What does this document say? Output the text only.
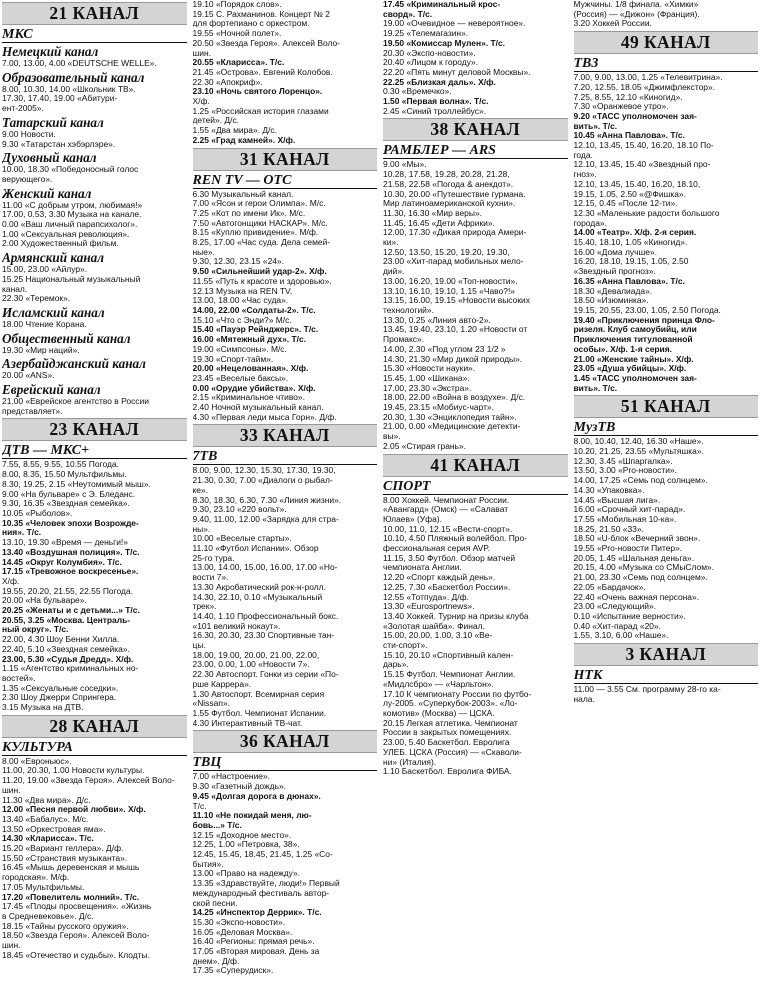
21 КАНАЛ
МКС
Немецкий канал
7.00, 13.00, 4.00 «DEUTSCHE WELLE».
Образовательный канал
8.00, 10.30, 14.00 «Школьник ТВ».
17.30, 17.40, 19.00 «Абитури-
ент-2005».
Татарский канал
9.00 Новости.
9.30 «Татарстан хэбэрлэре».
Духовный канал
10.00, 18.30 «Победоносный голос
верующего».
Женский канал
11.00 «С добрым утром, любимая!»
17.00, 0.53, 3.30 Музыка на канале.
0.00 «Ваш личный парапсихолог».
1.00 «Сексуальная революция».
2.00 Художественный фильм.
Армянский канал
15.00, 23.00 «Айлур».
15.25 Национальный музыкальный
канал.
22.30 «Теремок».
Исламский канал
18.00 Чтение Корана.
Общественный канал
19.30 «Мир наций».
Азербайджанский канал
20.00 «ANS».
Еврейский канал
21.00 «Еврейское агентство в России
представляет».
23 КАНАЛ
ДТВ — МКС+
7.55, 8.55, 9.55, 10.55 Погода.
8.00, 8.35, 15.50 Мультфильмы.
8.30, 19.25, 2.15 «Неутомимый мыш».
9.00 «На бульваре» с Э. Бледанс.
9.30, 16.35 «Звездная семейка».
10.05 «Рыболов».
10.35 «Человек эпохи Возрожде-
ния». Т/с.
13.10, 19.30 «Время — деньги!»
13.40 «Воздушная полиция». Т/с.
14.45 «Округ Колумбия». Т/с.
17.15 «Тревожное воскресенье».
Х/ф.
19.55, 20.20, 21.55, 22.55 Погода.
20.00 «На бульваре».
20.25 «Женаты и с детьми...» Т/с.
20.55, 3.25 «Москва. Централь-
ный округ». Т/с.
22.00, 4.30 Шоу Бенни Хилла.
22.40, 5.10 «Звездная семейка».
23.00, 5.30 «Судья Дредд». Х/ф.
1.15 «Агентство криминальных но-
востей».
1.35 «Сексуальные соседки».
2.30 Шоу Джерри Спрингера.
3.15 Музыка на ДТВ.
28 КАНАЛ
КУЛЬТУРА
8.00 «Евроньюс».
11.00, 20.30, 1.00 Новости культуры.
11.20, 19.00 «Звезда Героя». Алексей Воло-
шин.
11.30 «Два мира». Д/с.
12.00 «Песня первой любви». Х/ф.
13.40 «Бабалус». М/с.
13.50 «Оркестровая яма».
14.30 «Кларисса». Т/с.
15.20 «Вариант геллера». Д/ф.
15.50 «Странствия музыканта».
16.45 «Мышь деревенская и мышь
городская». М/ф.
17.05 Мультфильмы.
17.20 «Повелитель молний». Т/с.
17.45 «Плоды просвещения». «Жизнь
в Средневековье». Д/с.
18.15 «Тайны русского оружия».
18.50 «Звезда Героя». Алексей Воло-
шин.
18.45 «Отечество и судьбы». Клодты.
19.10 «Порядок слов».
19.15 С. Рахманинов. Концерт № 2
для фортепиано с оркестром.
19.55 «Ночной полет».
20.50 «Звезда Героя». Алексей Воло-
шин.
20.55 «Кларисса». Т/с.
21.45 «Острова». Евгений Колобов.
22.30 «Апокриф».
23.10 «Ночь святого Лоренцо».
Х/ф.
1.25 «Российская история глазами
детей». Д/с.
1.55 «Два мира». Д/с.
2.25 «Град камней». Х/ф.
31 КАНАЛ
REN TV — ОТС
6.30 Музыкальный канал.
7.00 «Ясон и герои Олимпа». М/с.
7.25 «Кот по имени Ик». М/с.
7.50 «Автогонщики НАСКАР». М/с.
8.15 «Куплю привидение». М/ф.
8.25, 17.00 «Час суда. Дела семей-
ные».
9.30, 12.30, 23.15 «24».
9.50 «Сильнейший удар-2». Х/ф.
11.55 «Путь к красоте и здоровью».
12.13 Музыка на REN TV.
13.00, 18.00 «Час суда».
14.00, 22.00 «Солдаты-2». Т/с.
15.10 «Что с Энди?» М/с.
15.40 «Пауэр Рейнджерс». Т/с.
16.00 «Мятежный дух». Т/с.
19.00 «Симпсоны». М/с.
19.30 «Спорт-тайм».
20.00 «Нецелованная». Х/ф.
23.45 «Веселые баксы».
0.00 «Орудие убийства». Х/ф.
2.15 «Криминальное чтиво».
2.40 Ночной музыкальный канал.
4.30 «Первая леди мыса Горн». Д/ф.
33 КАНАЛ
7ТВ
8.00, 9.00, 12.30, 15.30, 17.30, 19.30,
21.30, 0.30, 7.00 «Диалоги о рыбал-
ке».
8.30, 18.30, 6.30, 7.30 «Линия жизни».
9.30, 23.10 «220 вольт».
9.40, 11.00, 12.00 «Зарядка для стра-
ны».
10.00 «Веселые старты».
11.10 «Футбол Испании». Обзор
25-го тура.
13.00, 14.00, 15.00, 16.00, 17.00 «Но-
вости 7».
13.30 Акробатический рок-н-ролл.
14.30, 22.10, 0.10 «Музыкальный
трек».
14.40, 1.10 Профессиональный бокс.
«101 великий нокаут».
16.30, 20.30, 23.30 Спортивные тан-
цы.
18.00, 19.00, 20.00, 21.00, 22.00,
23.00, 0.00, 1.00 «Новости 7».
22.30 Автоспорт. Гонки из серии «По-
рше Каррера».
1.30 Автоспорт. Всемирная серия
«Nissan».
1.55 Футбол. Чемпионат Испании.
4.30 Интерактивный ТВ-чат.
36 КАНАЛ
ТВЦ
7.00 «Настроение».
9.30 «Газетный дождь».
9.45 «Долгая дорога в дюнах».
Т/с.
11.10 «Не покидай меня, лю-
бовь...» Т/с.
12.15 «Доходное место».
12.25, 1.00 «Петровка, 38».
12.45, 15.45, 18.45, 21.45, 1.25 «Со-
бытия».
13.00 «Право на надежду».
13.35 «Здравствуйте, люди!» Первый
международный фестиваль автор-
ской песни.
14.25 «Инспектор Деррик». Т/с.
15.30 «Экспо-новости».
16.05 «Деловая Москва».
16.40 «Регионы: прямая речь».
17.05 «Вторая мировая. День за
днем». Д/ф.
17.35 «Суперудиск».
17.45 «Криминальный крос-
сворд». Т/с.
19.00 «Очевидное — невероятное».
19.25 «Телемагазин».
19.50 «Комиссар Мулен». Т/с.
20.30 «Экспо-новости».
20.40 «Лицом к городу».
22.20 «Пять минут деловой Москвы».
22.25 «Близкая даль». Х/ф.
0.30 «Времечко».
1.50 «Первая волна». Т/с.
2.45 «Синий троллейбус».
38 КАНАЛ
РАМБЛЕР — ARS
9.00 «Мы».
10.28, 17.58, 19.28, 20.28, 21.28,
21.58, 22.58 «Погода & анекдот».
10.30, 20.00 «Путешествие гурмана.
Мир латиноамериканской кухни».
11.30, 16.30 «Мир веры».
11.45, 16.45 «Дети Африки».
12.00, 17.30 «Дикая природа Амери-
ки».
12.50, 13.50, 15.20, 19.20, 19.30,
23.00 «Хит-парад мобильных мело-
дий».
13.00, 16.20, 19.00 «Топ-новости».
13.10, 16.10, 19.10, 1.15 «Чаво?!»
13.15, 16.00, 19.15 «Новости высоких
технологий».
13.30, 0.25 «Линия авто-2».
13.45, 19.40, 23.10, 1.20 «Новости от
Промакс».
14.00, 2.30 «Под углом 23 1/2 »
14.30, 21.30 «Мир дикой природы».
15.30 «Новости науки».
15.45, 1.00 «Шикана».
17.00, 23.30 «Экстра».
18.00, 22.00 «Война в воздухе». Д/с.
19.45, 23.15 «Мобиус-чарт».
20.30, 1.30 «Энциклопедия тайн».
21.00, 0.00 «Медицинские детекти-
вы».
2.05 «Стирая грань».
41 КАНАЛ
СПОРТ
8.00 Хоккей. Чемпионат России.
«Авангард» (Омск) — «Салават
Юлаев» (Уфа).
10.00, 11.0, 12.15 «Вести-спорт».
10.10, 4.50 Пляжный волейбол. Про-
фессиональная серия AVP.
11.15, 3.50 Футбол. Обзор матчей
чемпионата Англии.
12.20 «Спорт каждый день».
12.25, 7.30 «Баскетбол России».
12.55 «Тотпуда». Д/ф.
13.30 «Eurosportnews».
13.40 Хоккей. Турнир на призы клуба
«Золотая шайба». Финал.
15.00, 20.00, 1.00, 3.10 «Ве-
сти-спорт».
15.10, 20.10 «Спортивный кален-
дарь».
15.15 Футбол. Чемпионат Англии.
«Мидлсбро» — «Чарльтон».
17.10 К чемпионату России по футбо-
лу-2005. «Суперкубок-2003». «Ло-
комотив» (Москва) — ЦСКА.
20.15 Легкая атлетика. Чемпионат
России в закрытых помещениях.
23.00, 5.40 Баскетбол. Евролига
УЛЕБ. ЦСКА (Россия) — «Скаволи-
ни» (Италия).
1.10 Баскетбол. Евролига ФИБА.
Мужчины. 1/8 финала. «Химки»
(Россия) — «Дижон» (Франция).
3.20 Хоккей России.
49 КАНАЛ
ТВ3
7.00, 9.00, 13.00, 1.25 «Телевитрина».
7.20, 12.55, 18.05 «Джимфлекстор».
7.25, 8.55, 12.10 «Киногид».
7.30 «Оранжевое утро».
9.20 «ТАСС уполномочен зая-
вить». Т/с.
10.45 «Анна Павлова». Т/с.
12.10, 13.45, 15.40, 16.20, 18.10 По-
года.
12.10, 13.45, 15.40 «Звездный про-
гноз».
12.10, 13.45, 15.40, 16.20, 18.10,
19.15, 1.05, 2.50 «@Фишка».
12.15, 0.45 «После 12-ти».
12.30 «Маленькие радости большого
города».
14.00 «Театр». Х/ф. 2-я серия.
15.40, 18.10, 1.05 «Киногид».
16.00 «Дома лучше».
16.20, 18.10, 19.15, 1.05, 2.50
«Звездный прогноз».
16.35 «Анна Павлова». Т/с.
18.30 «Девалиада».
18.50 «Изюминка».
19.15, 20.55, 23.00, 1.05, 2.50 Погода.
19.40 «Приключения принца Фло-
ризеля. Клуб самоубийц, или
Приключения титулованной
особы». Х/ф. 1-я серия.
21.00 «Женские тайны». Х/ф.
23.05 «Душа убийцы». Х/ф.
1.45 «ТАСС уполномочен зая-
вить». Т/с.
51 КАНАЛ
МузТВ
8.00, 10.40, 12.40, 16.30 «Наше».
10.20, 21.25, 23.55 «Мультяшка».
12.30, 3.45 «Шпаргалка».
13.50, 3.00 «Pro-новости».
14.00, 17.25 «Семь под солнцем».
14.30 «Упаковка».
14.45 «Высшая лига».
16.00 «Срочный хит-парад».
17.55 «Мобильная 10-ка».
18.25, 21.50 «33».
18.50 «U-блок «Вечерний звон».
19.55 «Pro-новости Питер».
20.05, 1.45 «Шальная деньга».
20.15, 4.00 «Музыка со СМыСлом».
21.00, 23.30 «Семь под солнцем».
22.05 «Бардачок».
22.40 «Очень важная персона».
23.00 «Следующий».
0.10 «Испытание верности».
0.40 «Хит-парад «20».
1.55, 3.10, 6.00 «Наше».
3 КАНАЛ
НТК
11.00 — 3.55 См. программу 28-го ка-
нала.
